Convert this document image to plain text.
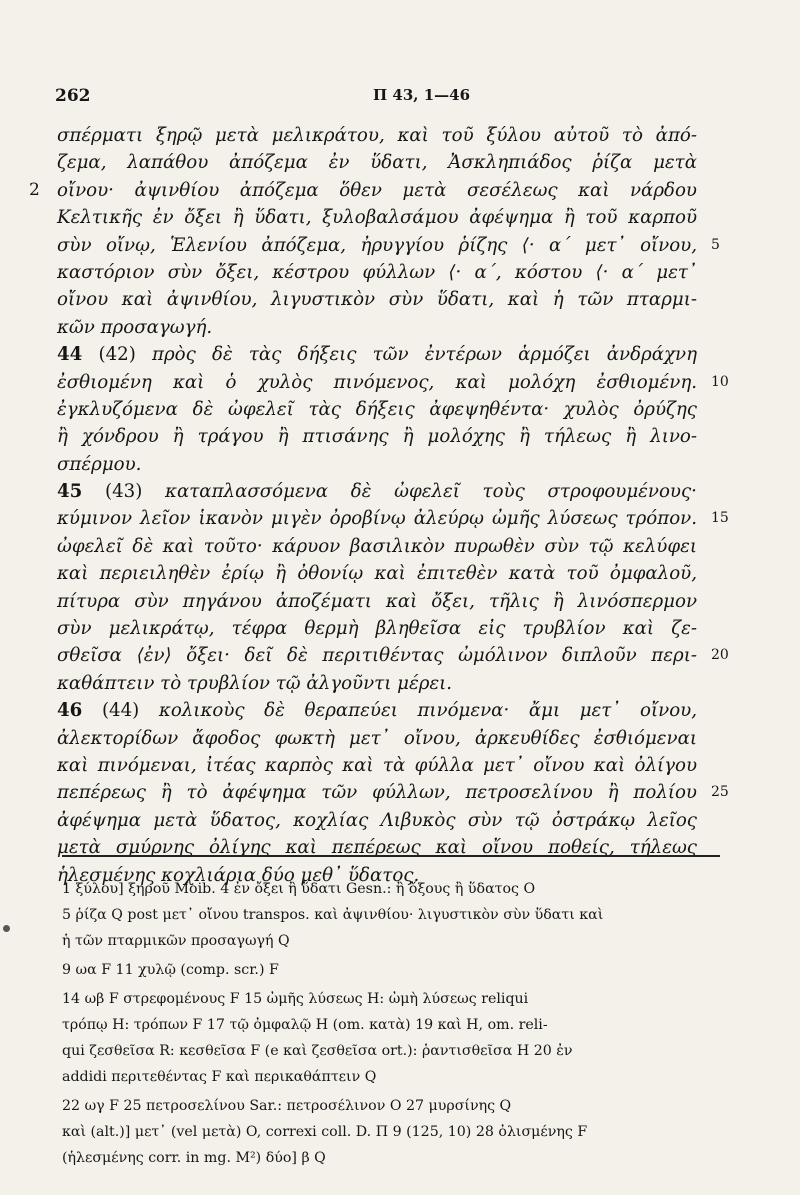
262	Π 43, 1—46
σπέρματι ξηρῷ μετὰ μελικράτου, καὶ τοῦ ξύλου αὐτοῦ τὸ ἀπό-
ζεμα, λαπάθου ἀπόζεμα ἐν ὕδατι, Ἀσκληπιάδος ῥίζα μετὰ
οἴνου· ἀψινθίου ἀπόζεμα ὅθεν μετὰ σεσέλεως καὶ νάρδου
2
Κελτικῆς ἐν ὄξει ἢ ὕδατι, ξυλοβαλσάμου ἀφέψημα ἢ τοῦ καρποῦ
σὺν οἴνῳ, Ἑλενίου ἀπόζεμα, ἠρυγγίου ῥίζης ⟨· α´ μετ᾽ οἴνου, 5
καστόριον σὺν ὄξει, κέστρου φύλλων ⟨· α´, κόστου ⟨· α´ μετ᾽
οἴνου καὶ ἀψινθίου, λιγυστικὸν σὺν ὕδατι, καὶ ἡ τῶν πταρμι-
κῶν προσαγωγή.
44 (42) πρὸς δὲ τὰς δήξεις τῶν ἐντέρων ἁρμόζει ἀνδράχνη
ἐσθιομένη καὶ ὁ χυλὸς πινόμενος, καὶ μολόχη ἐσθιομένη. 10
ἐγκλυζόμενα δὲ ὠφελεῖ τὰς δήξεις ἀφεψηθέντα· χυλὸς ὀρύζης
ἢ χόνδρου ἢ τράγου ἢ πτισάνης ἢ μολόχης ἢ τήλεως ἢ λινο-
σπέρμου.
45 (43) καταπλασσόμενα δὲ ὠφελεῖ τοὺς στροφουμένους·
κύμινον λεῖον ἱκανὸν μιγὲν ὀροβίνῳ ἀλεύρῳ ὠμῆς λύσεως τρόπον. 15
ὠφελεῖ δὲ καὶ τοῦτο· κάρυον βασιλικὸν πυρωθὲν σὺν τῷ κελύφει
καὶ περιειληθὲν ἐρίῳ ἢ ὀθονίῳ καὶ ἐπιτεθὲν κατὰ τοῦ ὀμφαλοῦ,
πίτυρα σὺν πηγάνου ἀποζέματι καὶ ὄξει, τῆλις ἢ λινόσπερμον
σὺν μελικράτῳ, τέφρα θερμὴ βληθεῖσα εἰς τρυβλίον καὶ ζε-
σθεῖσα ⟨ἐν⟩ ὄξει· δεῖ δὲ περιτιθέντας ὠμόλινον διπλοῦν περι- 20
καθάπτειν τὸ τρυβλίον τῷ ἀλγοῦντι μέρει.
46 (44) κολικοὺς δὲ θεραπεύει πινόμενα· ἄμι μετ᾽ οἴνου,
ἀλεκτορίδων ἄφοδος φωκτὴ μετ᾽ οἴνου, ἀρκευθίδες ἐσθιόμεναι
καὶ πινόμεναι, ἰτέας καρπὸς καὶ τὰ φύλλα μετ᾽ οἴνου καὶ ὀλίγου
πεπέρεως ἢ τὸ ἀφέψημα τῶν φύλλων, πετροσελίνου ἢ πολίου 25
ἀφέψημα μετὰ ὕδατος, κοχλίας Λιβυκὸς σὺν τῷ ὀστράκῳ λεῖος
μετὰ σμύρνης ὀλίγης καὶ πεπέρεως καὶ οἴνου ποθείς, τήλεως
ἡλεσμένης κοχλιάρια δύο μεθ᾽ ὕδατος.
1 ξύλου] ξηροῦ Moib. 4 ἐν ὄξει ἢ ὕδατι Gesn.: ἢ ὄξους ἢ ὕδατος O
5 ῥίζα Q post μετ᾽ οἴνου transpos. καὶ ἀψινθίου· λιγυστικὸν σὺν ὕδατι καὶ
ἡ τῶν πταρμικῶν προσαγωγή Q
9 ωα F 11 χυλῷ (comp. scr.) F
14 ωβ F στρεφομένους F 15 ὠμῆς λύσεως H: ὠμὴ λύσεως reliqui
τρόπῳ H: τρόπων F 17 τῷ ὀμφαλῷ H (om. κατὰ) 19 καὶ H, om. reli-
qui ζεσθεῖσα R: κεσθεῖσα F (e καὶ ζεσθεῖσα ort.): ῥαντισθεῖσα H 20 ἐν
addidi περιτεθέντας F καὶ περικαθάπτειν Q
22 ωγ F 25 πετροσελίνου Sar.: πετροσέλινον O 27 μυρσίνης Q
καὶ (alt.)] μετ᾽ (vel μετὰ) O, correxi coll. D. Π 9 (125, 10) 28 ὀλισμένης F
(ἡλεσμένης corr. in mg. M²) δύο] β Q
